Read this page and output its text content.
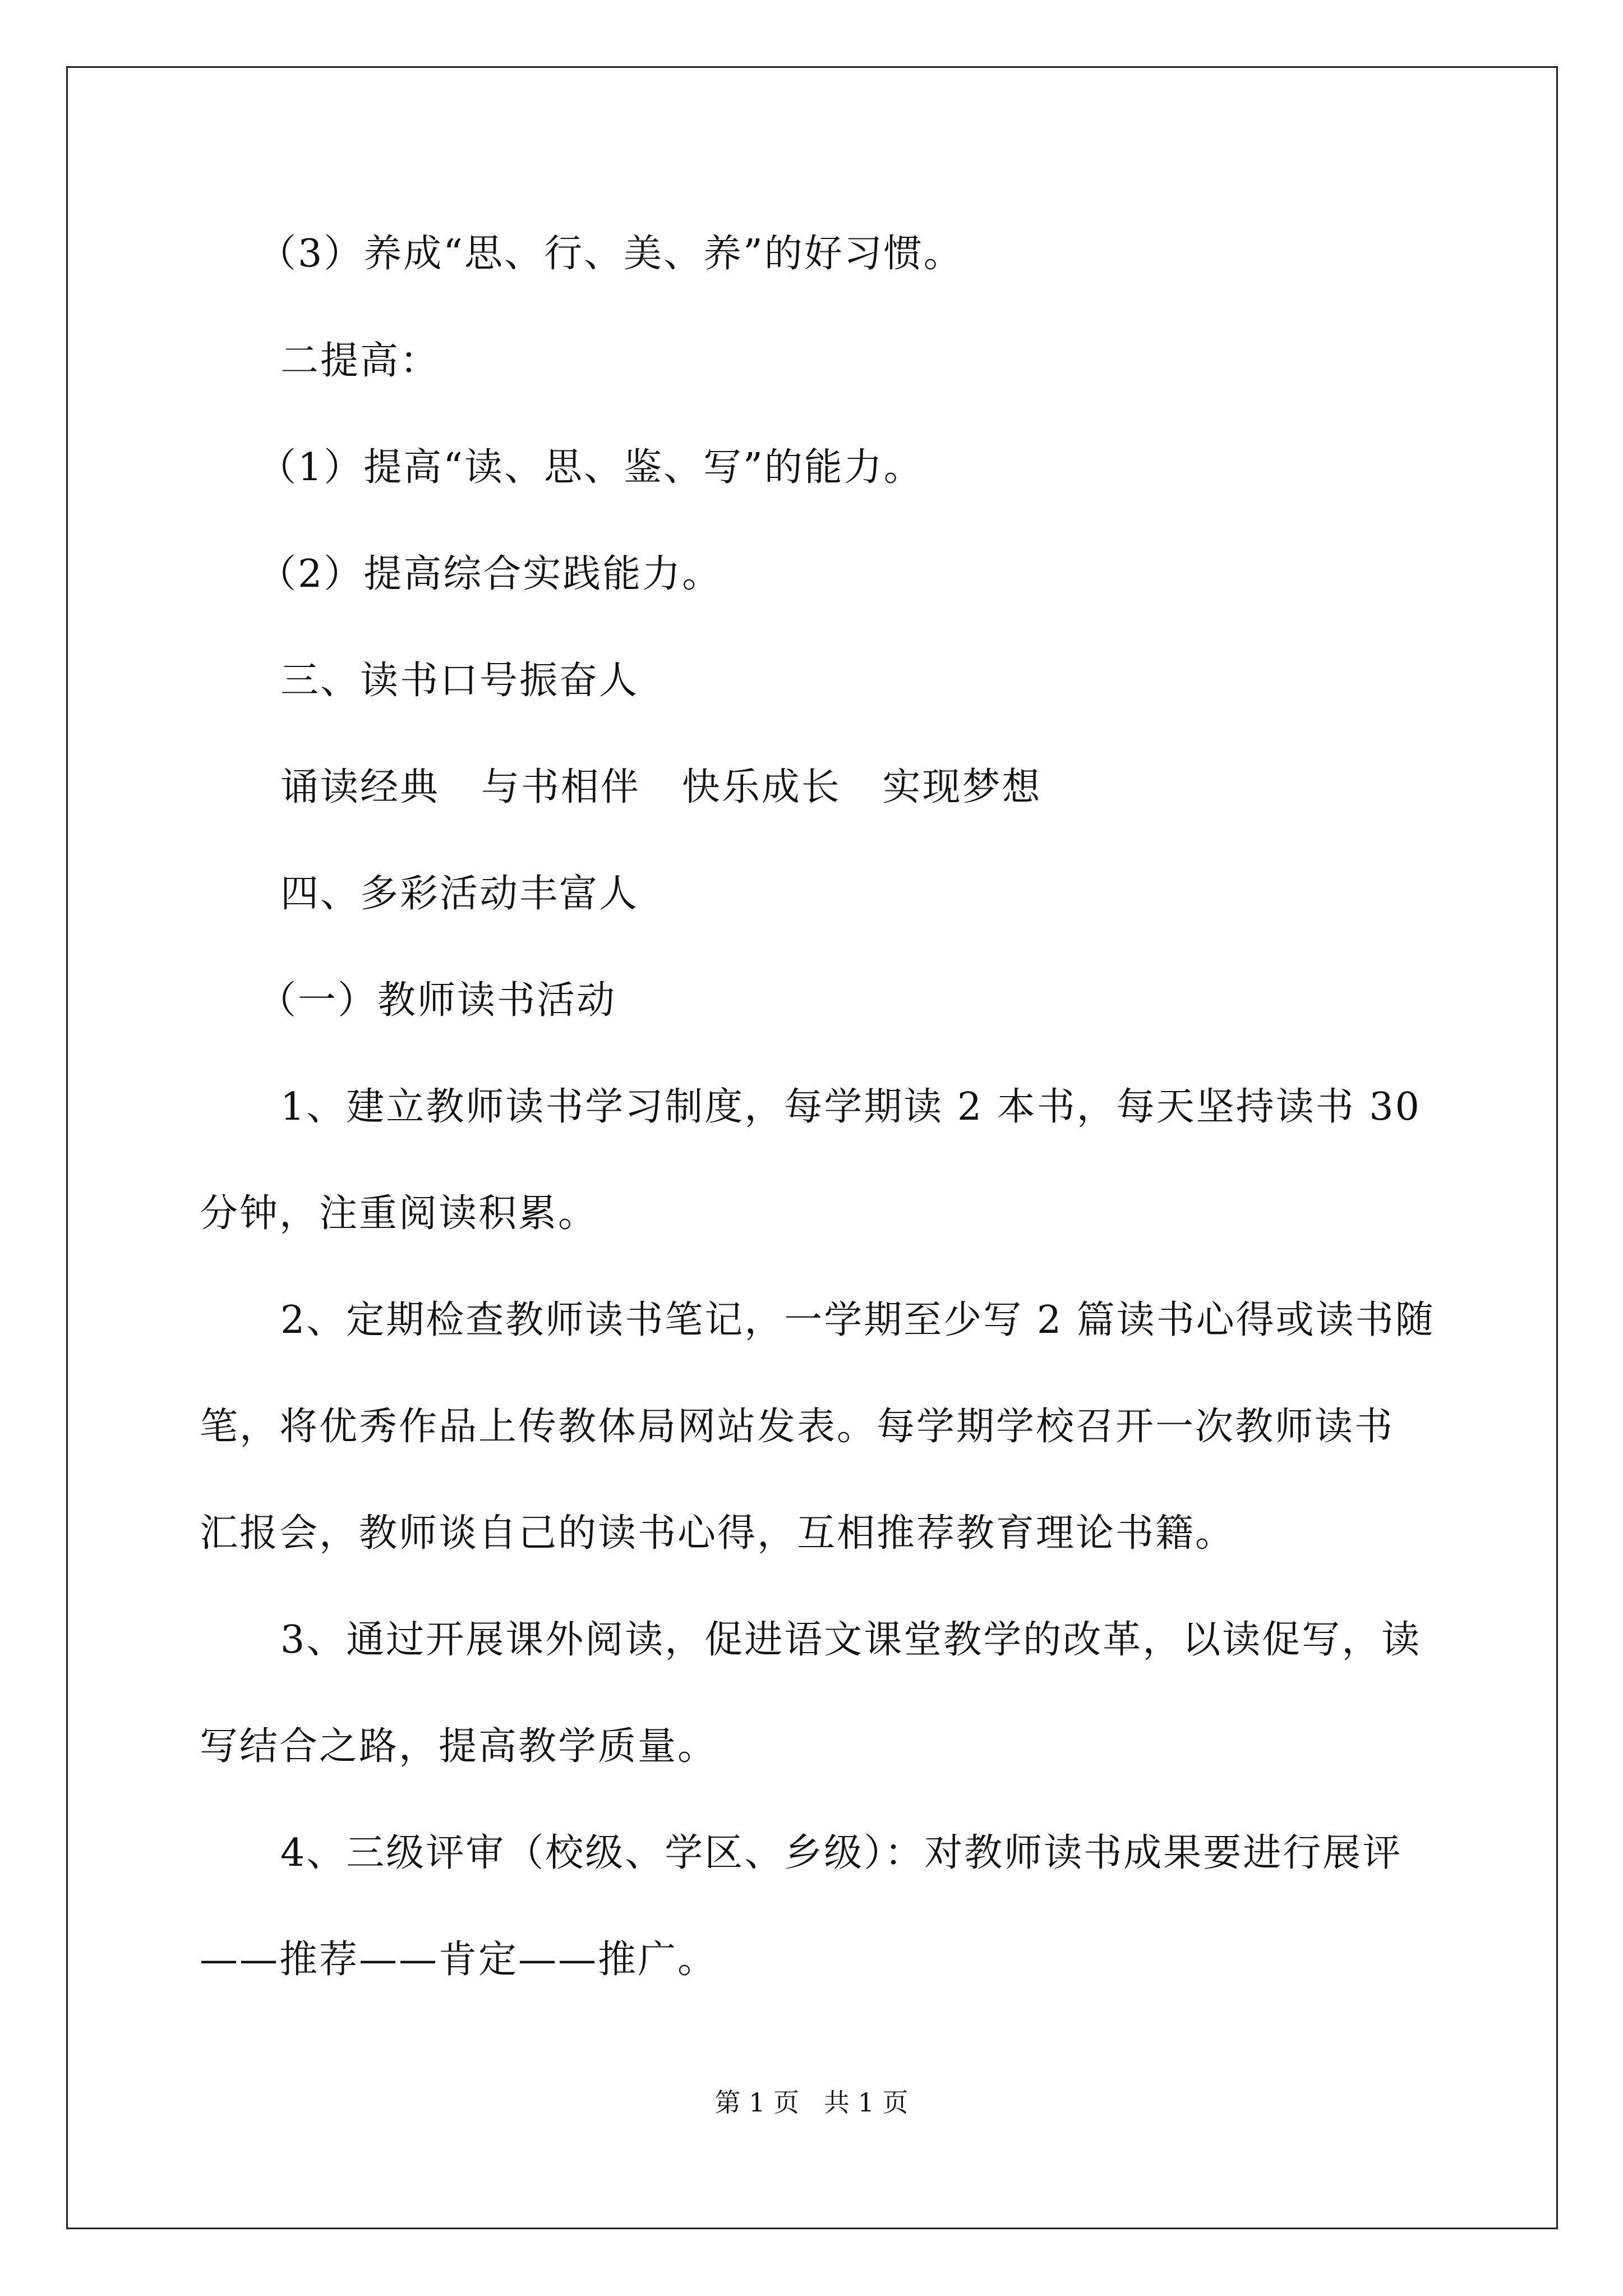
（3）养成“思、行、美、养”的好习惯。
二提高：
（1）提高“读、思、鉴、写”的能力。
（2）提高综合实践能力。
三、读书口号振奋人
诵读经典   与书相伴   快乐成长   实现梦想
四、多彩活动丰富人
（一）教师读书活动
1、建立教师读书学习制度，每学期读 2 本书，每天坚持读书 30
分钟，注重阅读积累。
2、定期检查教师读书笔记，一学期至少写 2 篇读书心得或读书随
笔，将优秀作品上传教体局网站发表。每学期学校召开一次教师读书
汇报会，教师谈自己的读书心得，互相推荐教育理论书籍。
3、通过开展课外阅读，促进语文课堂教学的改革，以读促写，读
写结合之路，提高教学质量。
4、三级评审（校级、学区、乡级）：对教师读书成果要进行展评
——推荐——肯定——推广。
第 1 页   共 1 页
